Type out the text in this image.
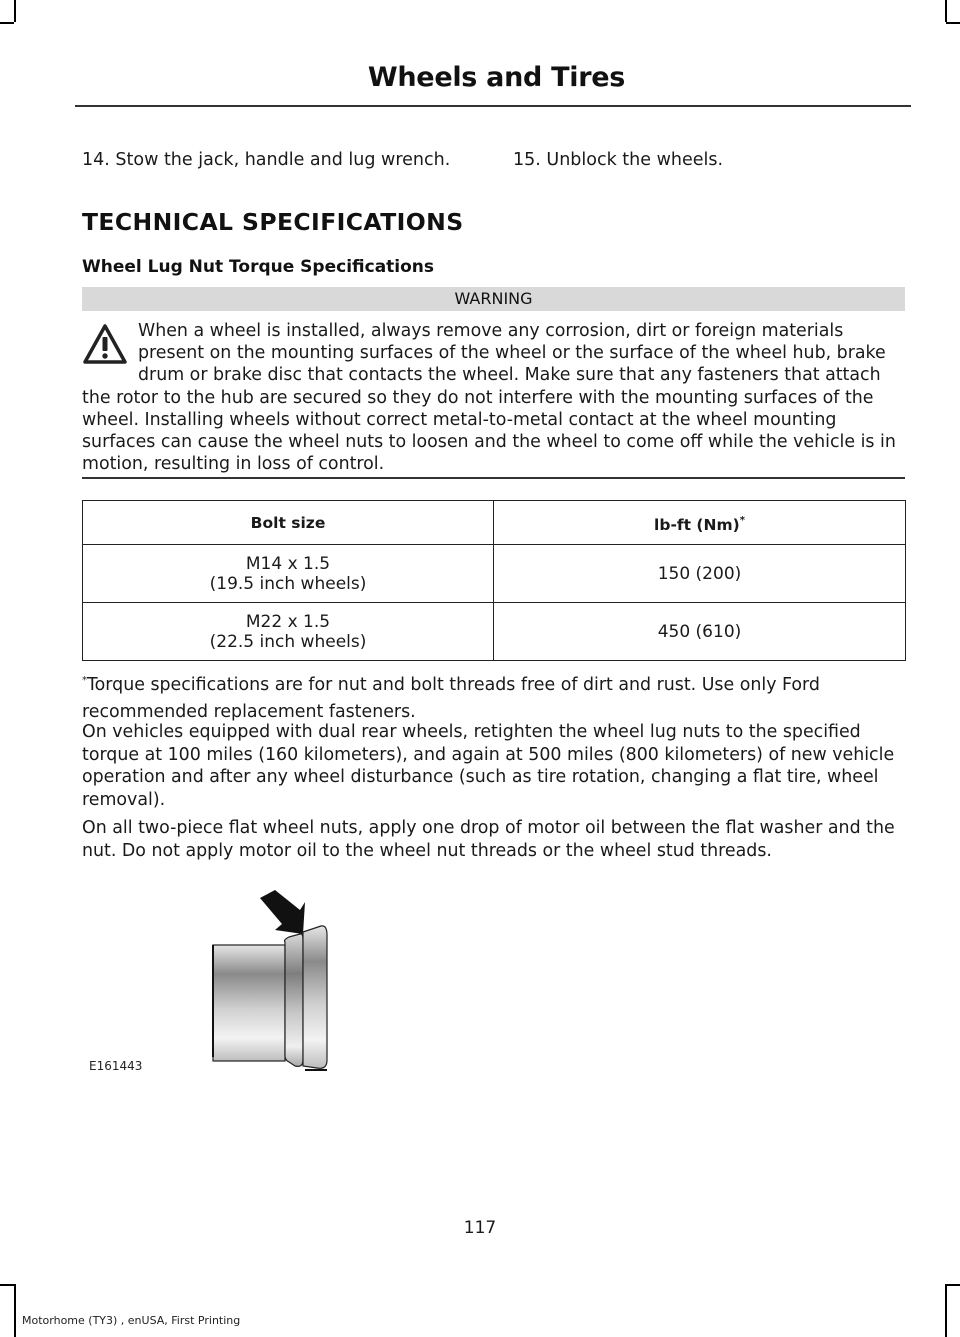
Wheels and Tires
14. Stow the jack, handle and lug wrench.	15. Unblock the wheels.
TECHNICAL SPECIFICATIONS
Wheel Lug Nut Torque Specifications
WARNING
When a wheel is installed, always remove any corrosion, dirt or foreign materials present on the mounting surfaces of the wheel or the surface of the wheel hub, brake drum or brake disc that contacts the wheel. Make sure that any fasteners that attach the rotor to the hub are secured so they do not interfere with the mounting surfaces of the wheel. Installing wheels without correct metal-to-metal contact at the wheel mounting surfaces can cause the wheel nuts to loosen and the wheel to come off while the vehicle is in motion, resulting in loss of control.
Bolt size	lb-ft (Nm)*

M14 x 1.5
(19.5 inch wheels)	150 (200)

M22 x 1.5
(22.5 inch wheels)	450 (610)
*Torque specifications are for nut and bolt threads free of dirt and rust. Use only Ford recommended replacement fasteners.
On vehicles equipped with dual rear wheels, retighten the wheel lug nuts to the specified torque at 100 miles (160 kilometers), and again at 500 miles (800 kilometers) of new vehicle operation and after any wheel disturbance (such as tire rotation, changing a flat tire, wheel removal).
On all two-piece flat wheel nuts, apply one drop of motor oil between the flat washer and the nut. Do not apply motor oil to the wheel nut threads or the wheel stud threads.
E161443
117
Motorhome (TY3) , enUSA, First Printing
